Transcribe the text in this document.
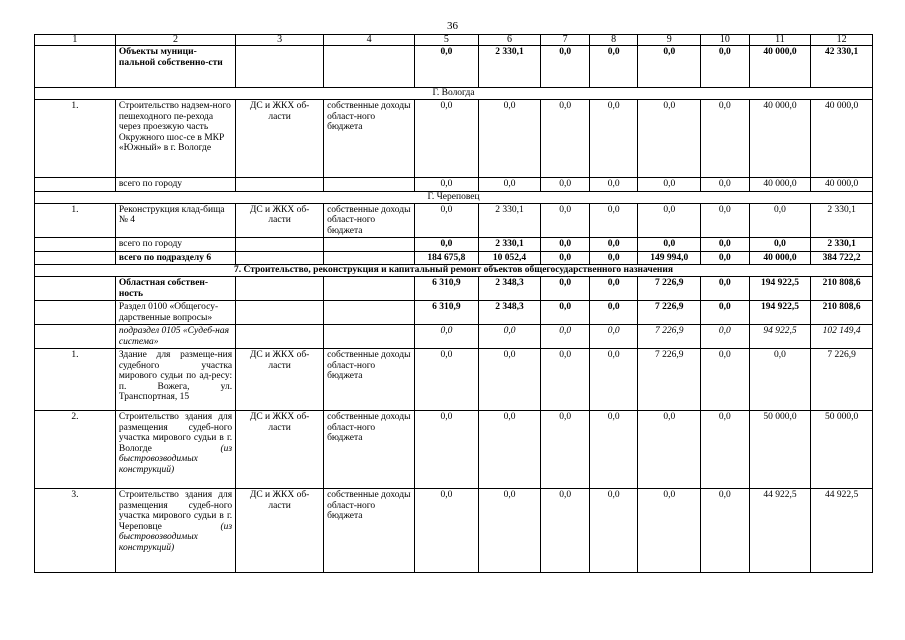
36
1	2	3	4	5	6	7	8	9	10	11	12
	Объекты муници-пальной собственно-сти			0,0	2 330,1	0,0	0,0	0,0	0,0	40 000,0	42 330,1
Г. Вологда											
1.	Строительство надзем-ного пешеходного пе-рехода через проезжую часть Окружного шос-се в МКР «Южный» в г. Вологде	ДС и ЖКХ об-ласти	собственные доходы област-ного бюджета	0,0	0,0	0,0	0,0	0,0	0,0	40 000,0	40 000,0
	всего по городу			0,0	0,0	0,0	0,0	0,0	0,0	40 000,0	40 000,0
Г. Череповец											
1.	Реконструкция клад-бища № 4	ДС и ЖКХ об-ласти	собственные доходы област-ного бюджета	0,0	2 330,1	0,0	0,0	0,0	0,0	0,0	2 330,1
	всего по городу			0,0	2 330,1	0,0	0,0	0,0	0,0	0,0	2 330,1
	всего по подразделу 6			184 675,8	10 052,4	0,0	0,0	149 994,0	0,0	40 000,0	384 722,2
7. Строительство, реконструкция и капитальный ремонт объектов общегосударственного назначения											
	Областная собствен-ность			6 310,9	2 348,3	0,0	0,0	7 226,9	0,0	194 922,5	210 808,6
	Раздел 0100 «Общегосу-дарственные вопросы»			6 310,9	2 348,3	0,0	0,0	7 226,9	0,0	194 922,5	210 808,6
	подраздел 0105 «Судеб-ная система»			0,0	0,0	0,0	0,0	7 226,9	0,0	94 922,5	102 149,4
1.	Здание для размеще-ния судебного участка мирового судьи по ад-ресу: п. Вожега, ул. Транспортная, 15	ДС и ЖКХ об-ласти	собственные доходы област-ного бюджета	0,0	0,0	0,0	0,0	7 226,9	0,0	0,0	7 226,9
2.	Строительство здания для размещения судеб-ного участка мирового судьи в г. Вологде (из быстровозводимых конструкций)	ДС и ЖКХ об-ласти	собственные доходы област-ного бюджета	0,0	0,0	0,0	0,0	0,0	0,0	50 000,0	50 000,0
3.	Строительство здания для размещения судеб-ного участка мирового судьи в г. Череповце (из быстровозводимых конструкций)	ДС и ЖКХ об-ласти	собственные доходы област-ного бюджета	0,0	0,0	0,0	0,0	0,0	0,0	44 922,5	44 922,5
